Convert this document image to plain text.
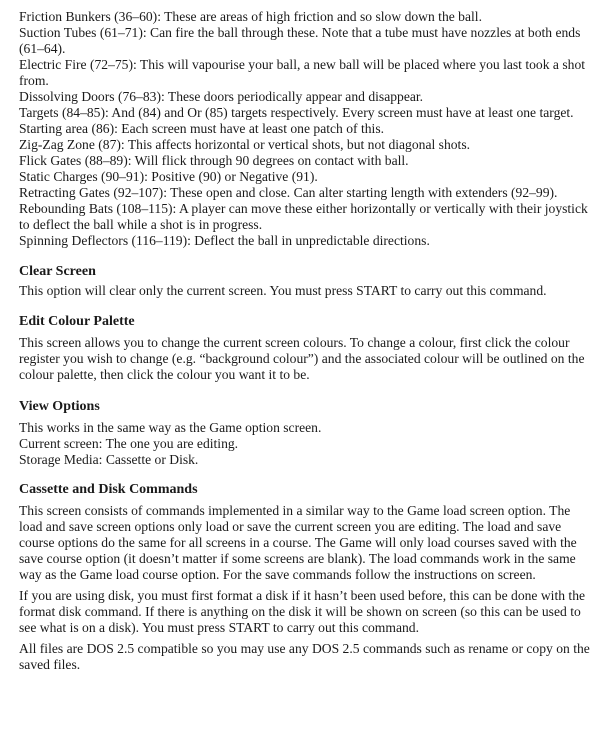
Friction Bunkers (36–60): These are areas of high friction and so slow down the ball.

Suction Tubes (61–71): Can fire the ball through these. Note that a tube must have nozzles at both ends (61–64).

Electric Fire (72–75): This will vapourise your ball, a new ball will be placed where you last took a shot from.

Dissolving Doors (76–83): These doors periodically appear and disappear.

Targets (84–85): And (84) and Or (85) targets respectively. Every screen must have at least one target.

Starting area (86): Each screen must have at least one patch of this.

Zig-Zag Zone (87): This affects horizontal or vertical shots, but not diagonal shots.

Flick Gates (88–89): Will flick through 90 degrees on contact with ball.

Static Charges (90–91): Positive (90) or Negative (91).

Retracting Gates (92–107): These open and close. Can alter starting length with extenders (92–99).

Rebounding Bats (108–115): A player can move these either horizontally or vertically with their joystick to deflect the ball while a shot is in progress.

Spinning Deflectors (116–119): Deflect the ball in unpredictable directions.

Clear Screen

This option will clear only the current screen. You must press START to carry out this command.

Edit Colour Palette

This screen allows you to change the current screen colours. To change a colour, first click the colour register you wish to change (e.g. “background colour”) and the associated colour will be outlined on the colour palette, then click the colour you want it to be.

View Options

This works in the same way as the Game option screen.

Current screen: The one you are editing.

Storage Media: Cassette or Disk.

Cassette and Disk Commands

This screen consists of commands implemented in a similar way to the Game load screen option. The load and save screen options only load or save the current screen you are editing. The load and save course options do the same for all screens in a course. The Game will only load courses saved with the save course option (it doesn’t matter if some screens are blank). The load commands work in the same way as the Game load course option. For the save commands follow the instructions on screen.

If you are using disk, you must first format a disk if it hasn’t been used before, this can be done with the format disk command. If there is anything on the disk it will be shown on screen (so this can be used to see what is on a disk). You must press START to carry out this command.

All files are DOS 2.5 compatible so you may use any DOS 2.5 commands such as rename or copy on the saved files.
